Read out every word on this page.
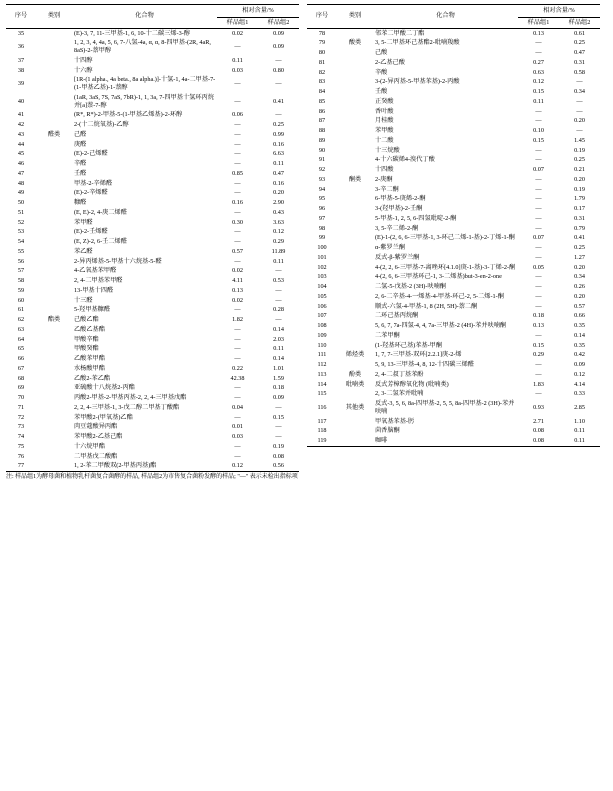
序号	类别	化合物	相对含量/%	
			样品组1	样品组2
35		(E)-3, 7, 11-三甲基-1, 6, 10-十二碳三烯-3-醇	0.02	0.09
36		1, 2, 3, 4, 4a, 5, 6, 7-八氢-4a, α, α, 8-四甲基-(2R, 4aR, 8aS)-2-萘甲醇	—	0.09
37		十四醇	0.11	—
38		十六醇	0.03	0.80
39		[1R-(1 alpha., 4a beta., 8a alpha.)]-十氢-1, 4a-二甲基-7-(1-甲基乙基)-1-萘醇	—	—
40		(1aR, 3aS, 7S, 7aS, 7bR)-1, 1, 3a, 7-四甲基十氢环丙烷并[a]萘-7-醇	—	0.41
41		(R*, R*)-2-甲基-5-(1-甲基乙烯基)-2-环醇	0.06	—
42		2-(十二烷氧基)-乙醇	—	0.25
43	醛类	己醛	—	0.99
44		庚醛	—	0.16
45		(E)-2-己烯醛	—	6.63
46		辛醛	—	0.11
47		壬醛	0.85	0.47
48		甲基-2-辛烯醛	—	0.16
49		(E)-2-辛烯醛	—	0.20
50		糠醛	0.16	2.90
51		(E, E)-2, 4-庚二烯醛	—	0.43
52		苯甲醛	0.30	3.63
53		(E)-2-壬烯醛	—	0.12
54		(E, Z)-2, 6-壬二烯醛	—	0.29
55		苯乙醛	0.57	11.89
56		2-异丙烯基-5-甲基十六烷基-5-醛	—	0.11
57		4-乙氧基苯甲醛	0.02	—
58		2, 4-二甲基苯甲醛	4.11	0.53
59		13-甲基十四醛	0.13	—
60		十三醛	0.02	—
61		5-羟甲基糠醛	—	0.28
62	酯类	己酸乙酯	1.82	—
63		乙酸乙基酯	—	0.14
64		甲酸辛酯	—	2.03
65		甲酸癸酯	—	0.11
66		乙酸苯甲酯	—	0.14
67		水杨酸甲酯	0.22	1.01
68		乙酸2-苯乙酯	42.38	1.59
69		亚硫酸十八烷基2-丙酯	—	0.18
70		丙酸2-甲基-2-甲基丙基-2, 2, 4-三甲基戊酯	—	0.09
71		2, 2, 4-三甲基-1, 3-戊二醇二甲基丁酸酯	0.04	—
72		苯甲酸2-(甲氧基)乙酯	—	0.15
73		肉豆蔻酸异丙酯	0.01	—
74		苯甲酸2-乙基己酯	0.03	—
75		十六烷甲酯	—	0.19
76		二甲基戊二酸酯	—	0.08
77		1, 2-苯二甲酸双(2-甲基丙基)酯	0.12	0.56
序号	类别	化合物	相对含量/%	
			样品组1	样品组2
78		邻苯二甲酸二丁酯	0.13	0.61
79	酸类	3, 5-二甲基环己基酯2-吡喃羧酸	—	0.25
80		己酸	—	0.47
81		2-乙基己酸	0.27	0.31
82		辛酸	0.63	0.58
83		3-(2-异丙基-5-甲基苯基)-2-丙酸	0.12	—
84		壬酸	0.15	0.34
85		正癸酸	0.11	—
86		香叶酸	—	—
87		月桂酸	—	0.20
88		苯甲酸	0.10	—
89		十二酸	0.15	1.45
90		十三烷酸	—	0.19
91		4-十六碳烯4-溴代丁酸	—	0.25
92		十四酸	0.07	0.21
93	酮类	2-庚酮	—	0.20
94		3-辛二酮	—	0.19
95		6-甲基-5-庚烯-2-酮	—	1.79
96		3-(羟甲基)-2-壬酮	—	0.17
97		5-甲基-1, 2, 5, 6-四氢吡啶-2-酮	—	0.31
98		3, 5-辛二烯-2-酮	—	0.79
99		(E)-1-(2, 6, 6-三甲基-1, 3-环己二烯-1-基)-2-丁烯-1-酮	0.07	0.41
100		α-紫罗兰酮	—	0.25
101		反式-β-紫罗兰酮	—	1.27
102		4-(2, 2, 6-三甲基-7-离唑环[4.1.0]庚-1-基)-3-丁烯-2-酮	0.05	0.20
103		4-(2, 6, 6-三甲基环己-1, 3-二烯基)but-3-en-2-one	—	0.34
104		二氢-5-戊基-2 (3H)-呋喃酮	—	0.26
105		2, 6-二辛基-4-一烯基-4-甲基-环己-2, 5-二烯-1-酮	—	0.20
106		顺式-六氢-4-甲基-1, 8 (2H, 5H)-萘二酮	—	0.57
107		二环己基丙烷酮	0.18	0.66
108		5, 6, 7, 7a-四氢-4, 4, 7a-三甲基-2 (4H)-苯并呋喃酮	0.13	0.35
109		二苯甲酮	—	0.14
110		(1-羟基环己基)苯基-甲酮	0.15	0.35
111	烯烃类	1, 7, 7-三甲基-双环[2.2.1]庚-2-烯	0.29	0.42
112		5, 9, 13-三甲基-4, 8, 12-十四碳三烯醛	—	0.09
113	酚类	2, 4-二叔丁基苯酚	—	0.12
114	吡喃类	反式芳樟醇氧化物 (吡喃类)	1.83	4.14
115		2, 3-二氢苯并吡喃	—	0.33
116	其他类	反式-3, 5, 6, 8a-四甲基-2, 5, 5, 8a-四甲基-2 (3H)-苯并呋喃	0.93	2.85
117		甲氧基苯基-肟	2.71	1.10
118		茴香脑酮	0.08	0.11
119		咖啡	0.08	0.11
注: 样品组1为酵母菌和植物乳杆菌复合菌酵的样品, 样品组2为市售复合菌粉发酵的样品; "—" 表示未检出指标项
